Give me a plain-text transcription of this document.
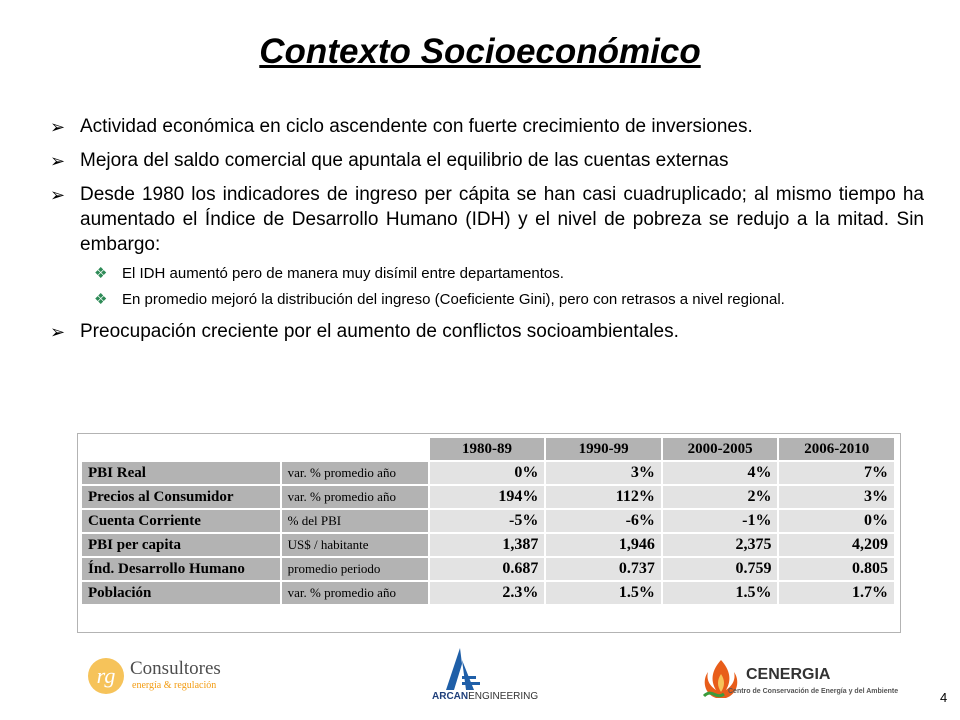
Contexto Socioeconómico
➢ Actividad económica en ciclo ascendente con fuerte crecimiento de inversiones.
➢ Mejora del saldo comercial que apuntala el equilibrio de las cuentas externas
➢ Desde 1980 los indicadores de ingreso per cápita se han casi cuadruplicado; al mismo tiempo ha aumentado el Índice de Desarrollo Humano (IDH) y el nivel de pobreza se redujo a la mitad. Sin embargo:
❖ El IDH aumentó pero de manera muy disímil entre departamentos.
❖ En promedio mejoró la distribución del ingreso (Coeficiente Gini), pero con retrasos a nivel regional.
➢ Preocupación creciente por el aumento de conflictos socioambientales.
		1980-89	1990-99	2000-2005	2006-2010
PBI Real	var. % promedio año	0%	3%	4%	7%
Precios al Consumidor	var. % promedio año	194%	112%	2%	3%
Cuenta Corriente	% del PBI	-5%	-6%	-1%	0%
PBI per capita	US$ / habitante	1,387	1,946	2,375	4,209
Índ. Desarrollo Humano	promedio periodo	0.687	0.737	0.759	0.805
Población	var. % promedio año	2.3%	1.5%	1.5%	1.7%
rg Consultores
energía & regulación
ARCANENGINEERING
CENERGIA
Centro de Conservación de Energía y del Ambiente	4
